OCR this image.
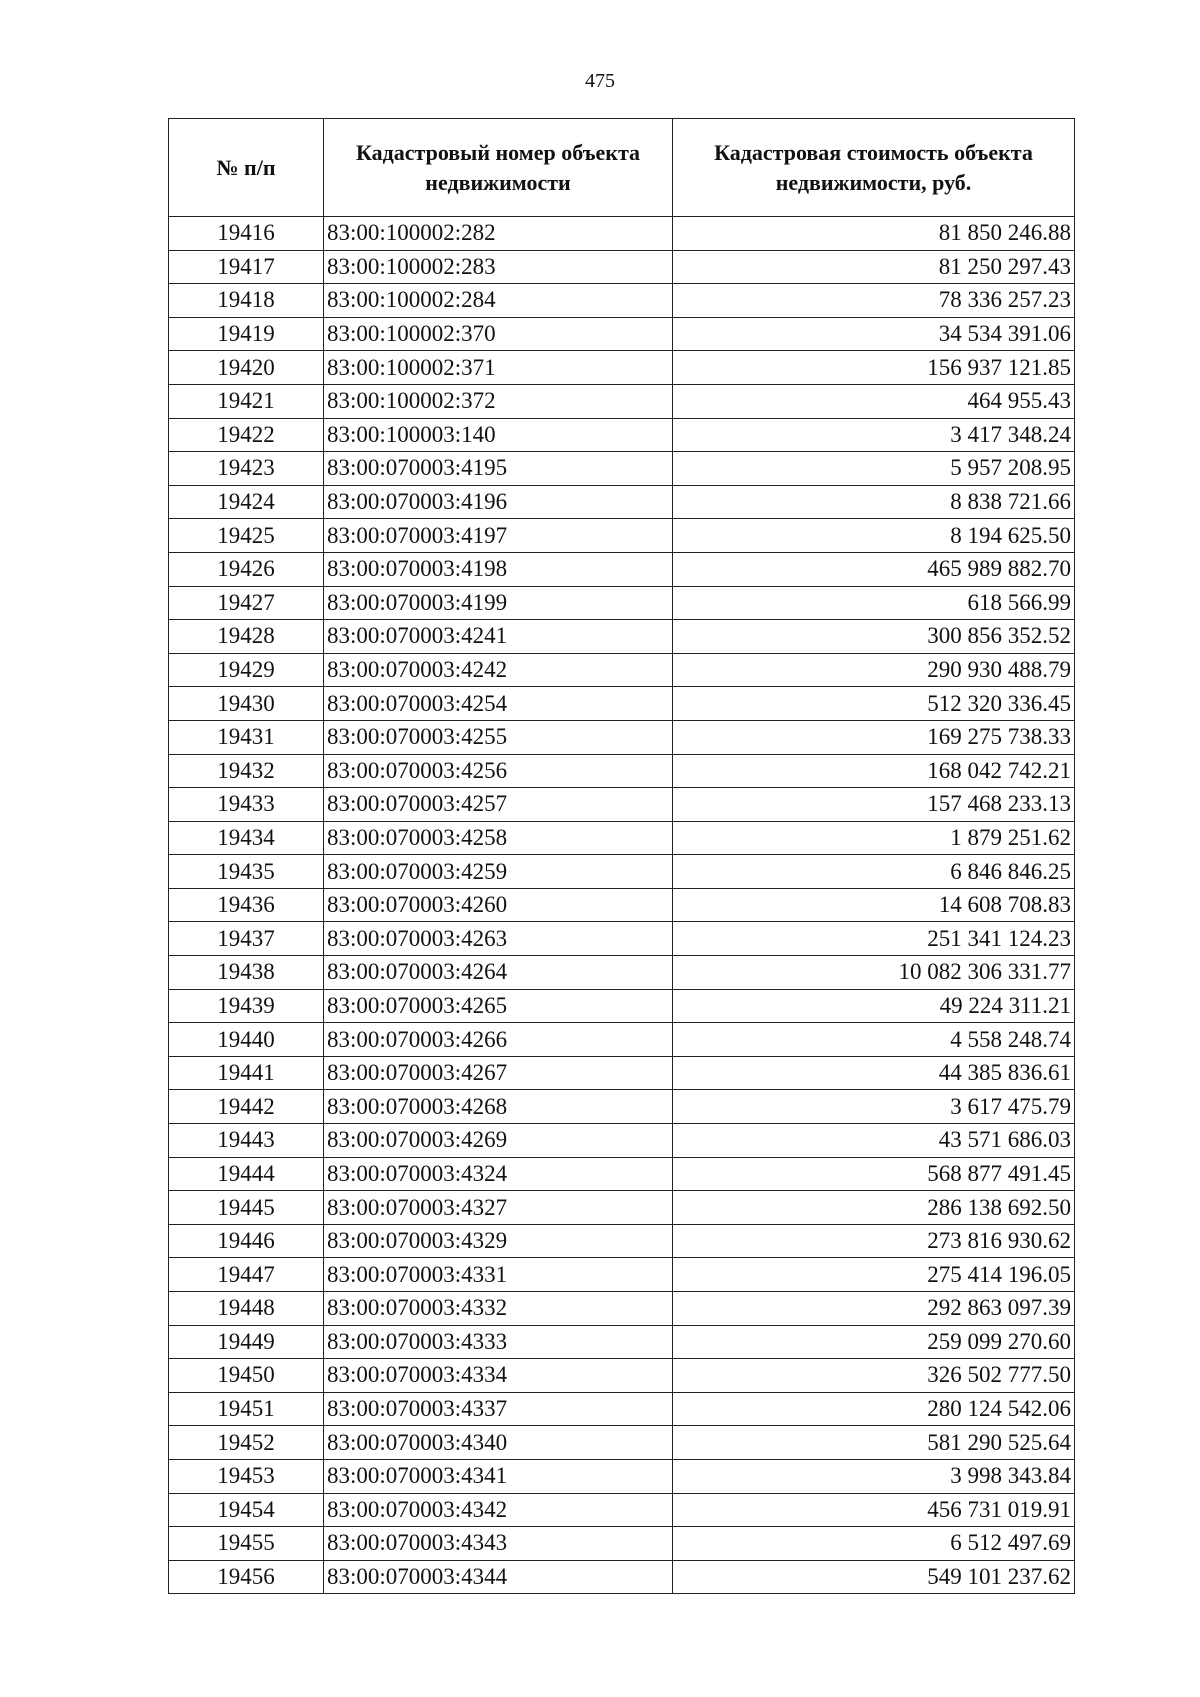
475
№ п/п	Кадастровый номер объекта недвижимости	Кадастровая стоимость объекта недвижимости, руб.
19416	83:00:100002:282	81 850 246.88
19417	83:00:100002:283	81 250 297.43
19418	83:00:100002:284	78 336 257.23
19419	83:00:100002:370	34 534 391.06
19420	83:00:100002:371	156 937 121.85
19421	83:00:100002:372	464 955.43
19422	83:00:100003:140	3 417 348.24
19423	83:00:070003:4195	5 957 208.95
19424	83:00:070003:4196	8 838 721.66
19425	83:00:070003:4197	8 194 625.50
19426	83:00:070003:4198	465 989 882.70
19427	83:00:070003:4199	618 566.99
19428	83:00:070003:4241	300 856 352.52
19429	83:00:070003:4242	290 930 488.79
19430	83:00:070003:4254	512 320 336.45
19431	83:00:070003:4255	169 275 738.33
19432	83:00:070003:4256	168 042 742.21
19433	83:00:070003:4257	157 468 233.13
19434	83:00:070003:4258	1 879 251.62
19435	83:00:070003:4259	6 846 846.25
19436	83:00:070003:4260	14 608 708.83
19437	83:00:070003:4263	251 341 124.23
19438	83:00:070003:4264	10 082 306 331.77
19439	83:00:070003:4265	49 224 311.21
19440	83:00:070003:4266	4 558 248.74
19441	83:00:070003:4267	44 385 836.61
19442	83:00:070003:4268	3 617 475.79
19443	83:00:070003:4269	43 571 686.03
19444	83:00:070003:4324	568 877 491.45
19445	83:00:070003:4327	286 138 692.50
19446	83:00:070003:4329	273 816 930.62
19447	83:00:070003:4331	275 414 196.05
19448	83:00:070003:4332	292 863 097.39
19449	83:00:070003:4333	259 099 270.60
19450	83:00:070003:4334	326 502 777.50
19451	83:00:070003:4337	280 124 542.06
19452	83:00:070003:4340	581 290 525.64
19453	83:00:070003:4341	3 998 343.84
19454	83:00:070003:4342	456 731 019.91
19455	83:00:070003:4343	6 512 497.69
19456	83:00:070003:4344	549 101 237.62
